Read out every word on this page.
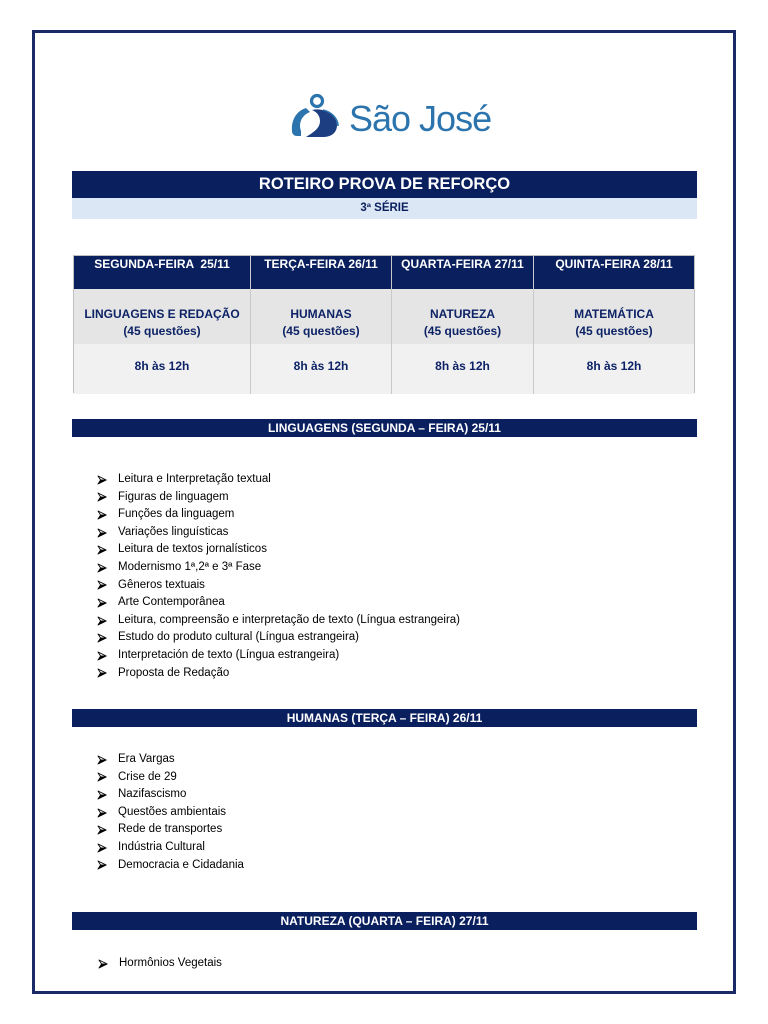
São José
ROTEIRO PROVA DE REFORÇO
3ª SÉRIE
SEGUNDA-FEIRA  25/11
LINGUAGENS E REDAÇÃO
(45 questões)
8h às 12h
TERÇA-FEIRA 26/11
HUMANAS
(45 questões)
8h às 12h
QUARTA-FEIRA 27/11
NATUREZA
(45 questões)
8h às 12h
QUINTA-FEIRA 28/11
MATEMÁTICA
(45 questões)
8h às 12h
LINGUAGENS (SEGUNDA – FEIRA) 25/11
Leitura e Interpretação textual
Figuras de linguagem
Funções da linguagem
Variações linguísticas
Leitura de textos jornalísticos
Modernismo 1ª,2ª e 3ª Fase
Gêneros textuais
Arte Contemporânea
Leitura, compreensão e interpretação de texto (Língua estrangeira)
Estudo do produto cultural (Língua estrangeira)
Interpretación de texto (Língua estrangeira)
Proposta de Redação
HUMANAS (TERÇA – FEIRA) 26/11
Era Vargas
Crise de 29
Nazifascismo
Questões ambientais
Rede de transportes
Indústria Cultural
Democracia e Cidadania
NATUREZA (QUARTA – FEIRA) 27/11
Hormônios Vegetais
